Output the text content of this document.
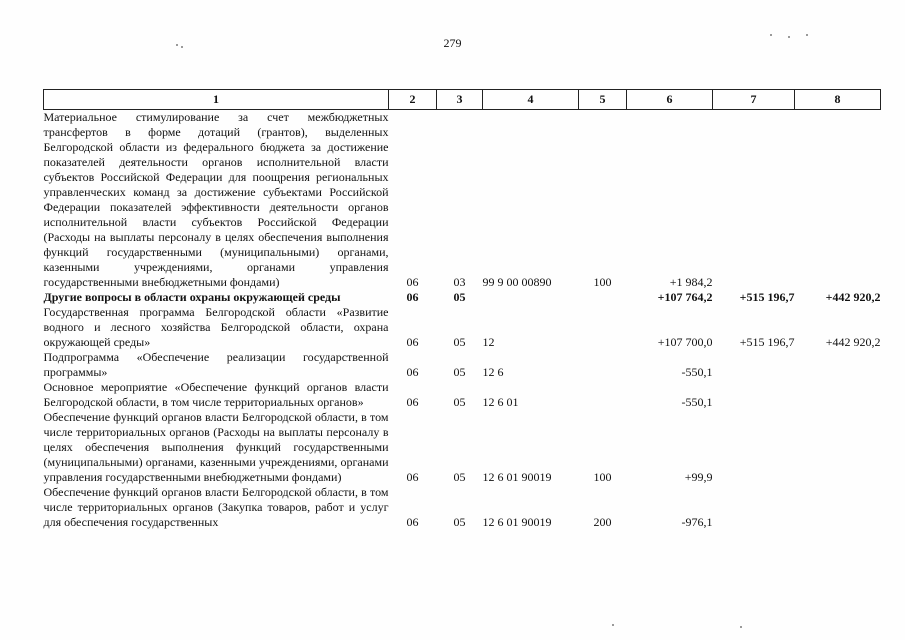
279
1	2	3	4	5	6	7	8
Материальное стимулирование за счет межбюджетных трансфертов в форме дотаций (грантов), выделенных Белгородской области из федерального бюджета за достижение показателей деятельности органов исполнительной власти субъектов Российской Федерации для поощрения региональных управленческих команд за достижение субъектами Российской Федерации показателей эффективности деятельности органов исполнительной власти субъектов Российской Федерации (Расходы на выплаты персоналу в целях обеспечения выполнения функций государственными (муниципальными) органами, казенными учреждениями, органами управления государственными внебюджетными фондами)	06	03	99 9 00 00890	100	+1 984,2		
Другие вопросы в области охраны окружающей среды	06	05			+107 764,2	+515 196,7	+442 920,2
Государственная программа Белгородской области «Развитие водного и лесного хозяйства Белгородской области, охрана окружающей среды»	06	05	12		+107 700,0	+515 196,7	+442 920,2
Подпрограмма «Обеспечение реализации государственной программы»	06	05	12 6		-550,1		
Основное мероприятие «Обеспечение функций органов власти Белгородской области, в том числе территориальных органов»	06	05	12 6 01		-550,1		
Обеспечение функций органов власти Белгородской области, в том числе территориальных органов (Расходы на выплаты персоналу в целях обеспечения выполнения функций государственными (муниципальными) органами, казенными учреждениями, органами управления государственными внебюджетными фондами)	06	05	12 6 01 90019	100	+99,9		
Обеспечение функций органов власти Белгородской области, в том числе территориальных органов (Закупка товаров, работ и услуг для обеспечения государственных	06	05	12 6 01 90019	200	-976,1		
